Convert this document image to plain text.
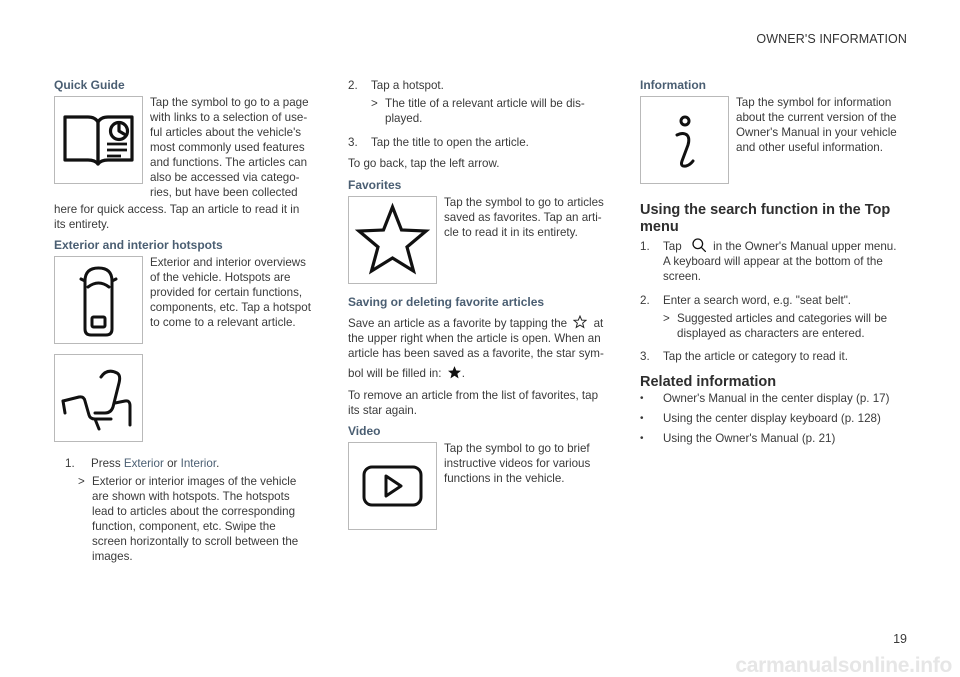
OWNER'S INFORMATION
Quick Guide

Tap the symbol to go to a page

with links to a selection of use-

ful articles about the vehicle's

most commonly used features

and functions. The articles can

also be accessed via catego-

ries, but have been collected

here for quick access. Tap an article to read it in

its entirety.

Exterior and interior hotspots

Exterior and interior overviews

of the vehicle. Hotspots are

provided for certain functions,

components, etc. Tap a hotspot

to come to a relevant article.

1. Press Exterior or Interior.
> Exterior or interior images of the vehicle

are shown with hotspots. The hotspots

lead to articles about the corresponding

function, component, etc. Swipe the

screen horizontally to scroll between the

images.

2. Tap a hotspot.
> The title of a relevant article will be dis-

played.

3. Tap the title to open the article.
To go back, tap the left arrow.
Favorites

Tap the symbol to go to articles

saved as favorites. Tap an arti-

cle to read it in its entirety.

Saving or deleting favorite articles

Save an article as a favorite by tapping the at

the upper right when the article is open. When an

article has been saved as a favorite, the star sym-

bol will be filled in: .

To remove an article from the list of favorites, tap

its star again.

Video

Tap the symbol to go to brief

instructive videos for various

functions in the vehicle.

Information

Tap the symbol for information

about the current version of the

Owner's Manual in your vehicle

and other useful information.

Using the search function in the Top

menu

1. Tap	in the Owner's Manual upper menu.

A keyboard will appear at the bottom of the

screen.

2. Enter a search word, e.g. "seat belt".
> Suggested articles and categories will be

displayed as characters are entered.

3. Tap the article or category to read it.
Related information
• Owner's Manual in the center display (p. 17)
• Using the center display keyboard (p. 128)
• Using the Owner's Manual (p. 21)
19
carmanualsonline.info
